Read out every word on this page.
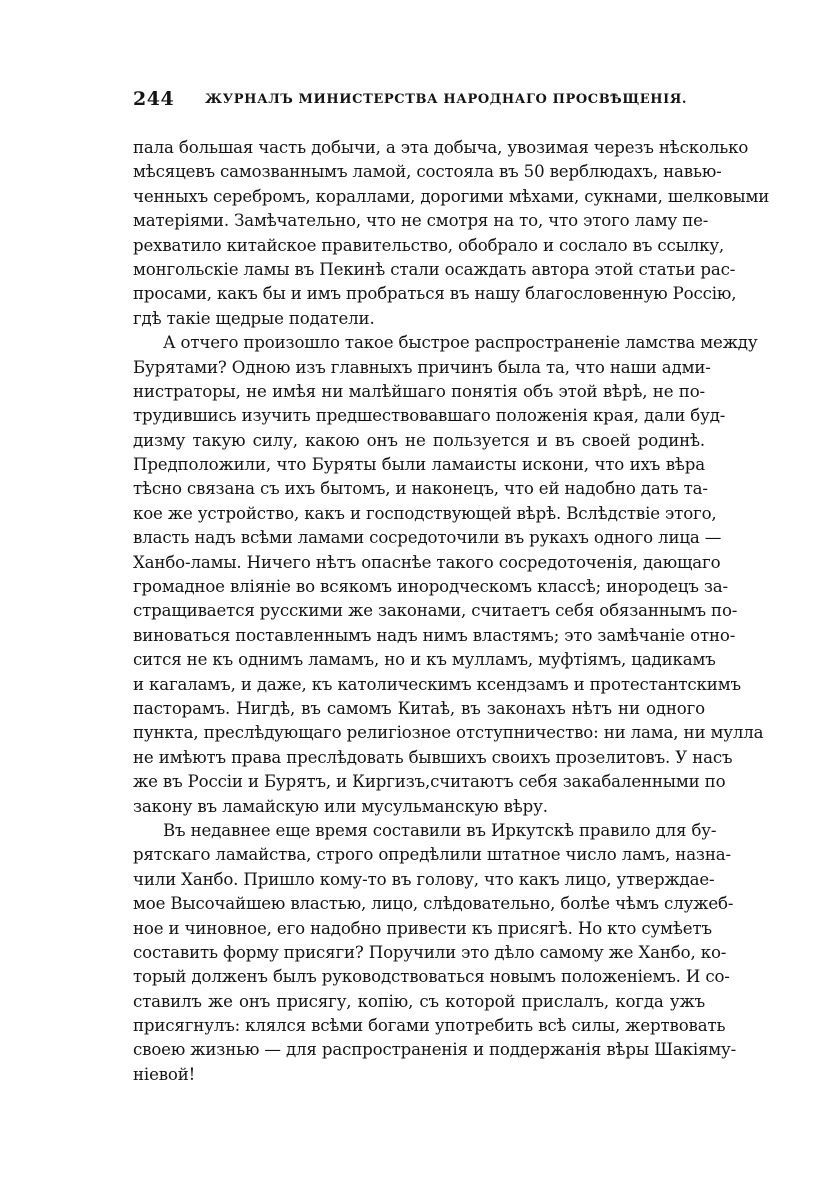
244 ЖУРНАЛЪ МИНИСТЕРСТВА НАРОДНАГО ПРОСВѢЩЕНІЯ.
пала большая часть добычи, а эта добыча, увозимая черезъ нѣсколько
мѣсяцевъ самозваннымъ ламой, состояла въ 50 верблюдахъ, навью-
ченныхъ серебромъ, кораллами, дорогими мѣхами, сукнами, шелковыми
матеріями. Замѣчательно, что не смотря на то, что этого ламу пе-
рехватило китайское правительство, обобрало и сослало въ ссылку,
монгольскіе ламы въ Пекинѣ стали осаждать автора этой статьи рас-
просами, какъ бы и имъ пробраться въ нашу благословенную Россію,
гдѣ такіе щедрые податели.
А отчего произошло такое быстрое распространеніе ламства между
Бурятами? Одною изъ главныхъ причинъ была та, что наши адми-
нистраторы, не имѣя ни малѣйшаго понятія объ этой вѣрѣ, не по-
трудившись изучить предшествовавшаго положенія края, дали буд-
дизму такую силу, какою онъ не пользуется и въ своей родинѣ.
Предположили, что Буряты были ламаисты искони, что ихъ вѣра
тѣсно связана съ ихъ бытомъ, и наконецъ, что ей надобно дать та-
кое же устройство, какъ и господствующей вѣрѣ. Вслѣдствіе этого,
власть надъ всѣми ламами сосредоточили въ рукахъ одного лица —
Ханбо-ламы. Ничего нѣтъ опаснѣе такого сосредоточенія, дающаго
громадное вліяніе во всякомъ инородческомъ классѣ; инородецъ за-
стращивается русскими же законами, считаетъ себя обязаннымъ по-
виноваться поставленнымъ надъ нимъ властямъ; это замѣчаніе отно-
сится не къ однимъ ламамъ, но и къ мулламъ, муфтіямъ, цадикамъ
и кагаламъ, и даже, къ католическимъ ксендзамъ и протестантскимъ
пасторамъ. Нигдѣ, въ самомъ Китаѣ, въ законахъ нѣтъ ни одного
пункта, преслѣдующаго религіозное отступничество: ни лама, ни мулла
не имѣютъ права преслѣдовать бывшихъ своихъ прозелитовъ. У насъ
же въ Россіи и Бурятъ, и Киргизъ,считаютъ себя закабаленными по
закону въ ламайскую или мусульманскую вѣру.
Въ недавнее еще время составили въ Иркутскѣ правило для бу-
рятскаго ламайства, строго опредѣлили штатное число ламъ, назна-
чили Ханбо. Пришло кому-то въ голову, что какъ лицо, утверждае-
мое Высочайшею властью, лицо, слѣдовательно, болѣе чѣмъ служеб-
ное и чиновное, его надобно привести къ присягѣ. Но кто сумѣетъ
составить форму присяги? Поручили это дѣло самому же Ханбо, ко-
торый долженъ былъ руководствоваться новымъ положеніемъ. И со-
ставилъ же онъ присягу, копію, съ которой прислалъ, когда ужъ
присягнулъ: клялся всѣми богами употребить всѣ силы, жертвовать
своею жизнью — для распространенія и поддержанія вѣры Шакіяму-
ніевой!
